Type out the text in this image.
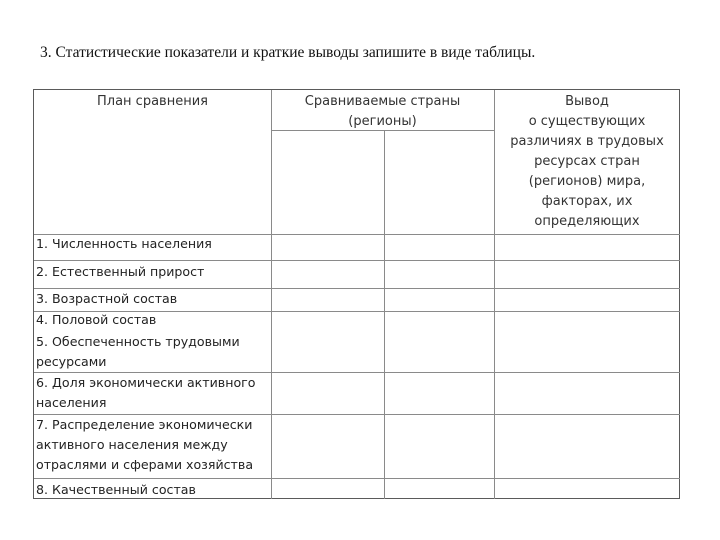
3. Статистические показатели и краткие выводы запишите в виде таблицы.
План сравнения	Сравниваемые страны
(регионы)
Вывод
о существующих
различиях в трудовых
ресурсах стран
(регионов) мира,
факторах, их
определяющих
1. Численность населения
2. Естественный прирост
3. Возрастной состав
4. Половой состав
5. Обеспеченность трудовыми
ресурсами
6. Доля экономически активного
населения
7. Распределение экономически
активного населения между
отраслями и сферами хозяйства
8. Качественный состав
